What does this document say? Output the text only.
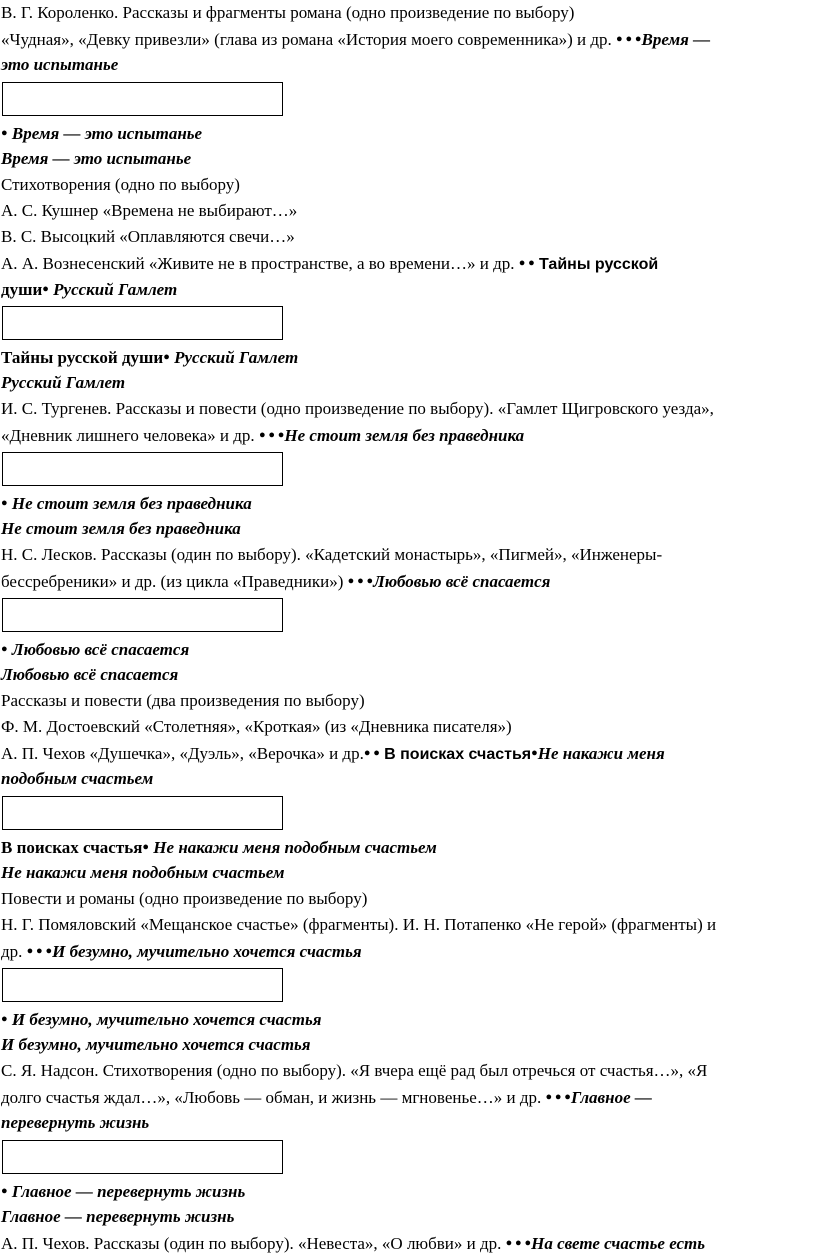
В. Г. Короленко. Рассказы и фрагменты романа (одно произведение по выбору)
«Чудная», «Девку привезли» (глава из романа «История моего современника») и др. ● ● ●Время —
это испытанье
● Время — это испытанье
Время — это испытанье
Стихотворения (одно по выбору)
А. С. Кушнер «Времена не выбирают…»
В. С. Высоцкий «Оплавляются свечи…»
А. А. Вознесенский «Живите не в пространстве, а во времени…» и др. ● ● Тайны русской
души● Русский Гамлет
Тайны русской души● Русский Гамлет
Русский Гамлет
И. С. Тургенев. Рассказы и повести (одно произведение по выбору). «Гамлет Щигровского уезда»,
«Дневник лишнего человека» и др. ● ● ●Не стоит земля без праведника
● Не стоит земля без праведника
Не стоит земля без праведника
Н. С. Лесков. Рассказы (один по выбору). «Кадетский монастырь», «Пигмей», «Инженеры-
бессребреники» и др. (из цикла «Праведники») ● ● ●Любовью всё спасается
● Любовью всё спасается
Любовью всё спасается
Рассказы и повести (два произведения по выбору)
Ф. М. Достоевский «Столетняя», «Кроткая» (из «Дневника писателя»)
А. П. Чехов «Душечка», «Дуэль», «Верочка» и др.● ● В поисках счастья●Не накажи меня
подобным счастьем
В поисках счастья● Не накажи меня подобным счастьем
Не накажи меня подобным счастьем
Повести и романы (одно произведение по выбору)
Н. Г. Помяловский «Мещанское счастье» (фрагменты). И. Н. Потапенко «Не герой» (фрагменты) и
др. ● ● ●И безумно, мучительно хочется счастья
● И безумно, мучительно хочется счастья
И безумно, мучительно хочется счастья
С. Я. Надсон. Стихотворения (одно по выбору). «Я вчера ещё рад был отречься от счастья…», «Я
долго счастья ждал…», «Любовь — обман, и жизнь — мгновенье…» и др. ● ● ●Главное —
перевернуть жизнь
● Главное — перевернуть жизнь
Главное — перевернуть жизнь
А. П. Чехов. Рассказы (один по выбору). «Невеста», «О любви» и др. ● ● ●На свете счастье есть
